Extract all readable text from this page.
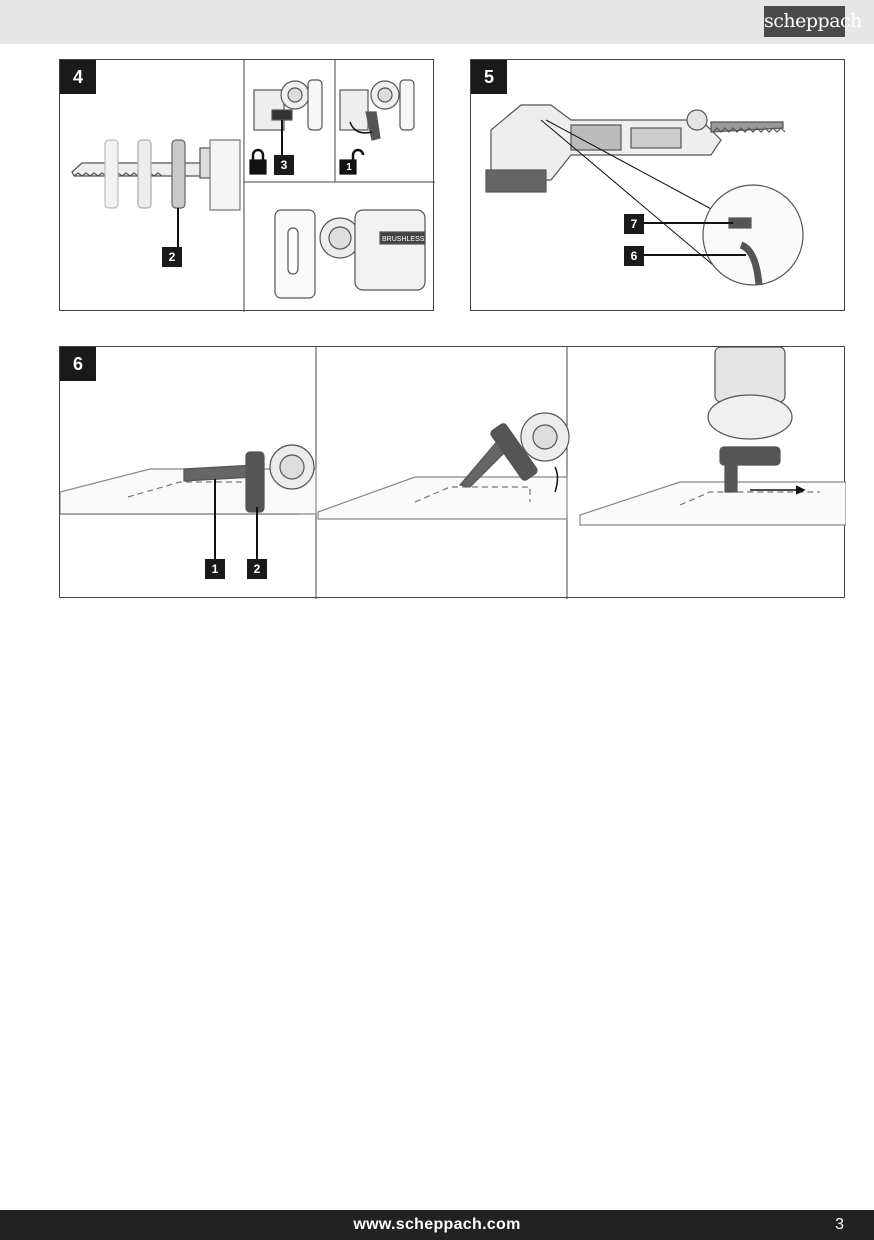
scheppach
BRUSHLESS
4
2
3	1
5
7
6
6
1	2
www.scheppach.com	3
